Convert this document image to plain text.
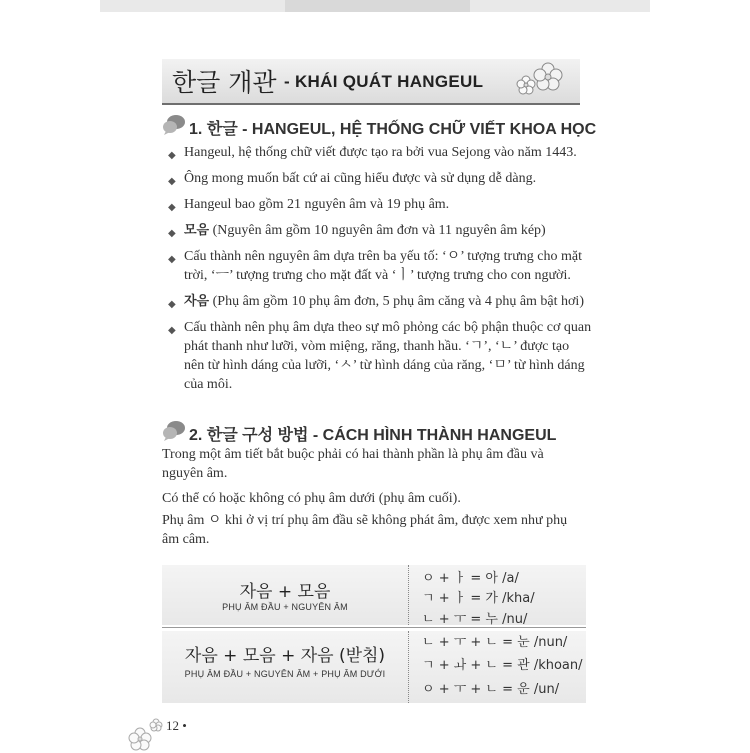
한글 개관 - KHÁI QUÁT HANGEUL
1. 한글 - HANGEUL, HỆ THỐNG CHỮ VIẾT KHOA HỌC
◆ Hangeul, hệ thống chữ viết được tạo ra bởi vua Sejong vào năm 1443.
◆ Ông mong muốn bất cứ ai cũng hiểu được và sử dụng dễ dàng.
◆ Hangeul bao gồm 21 nguyên âm và 19 phụ âm.
◆ 모음 (Nguyên âm gồm 10 nguyên âm đơn và 11 nguyên âm kép)
◆ Cấu thành nên nguyên âm dựa trên ba yếu tố: ‘ㅇ’ tượng trưng cho mặt trời, ‘ㅡ’ tượng trưng cho mặt đất và ‘ㅣ’ tượng trưng cho con người.
◆ 자음 (Phụ âm gồm 10 phụ âm đơn, 5 phụ âm căng và 4 phụ âm bật hơi)
◆ Cấu thành nên phụ âm dựa theo sự mô phỏng các bộ phận thuộc cơ quan phát thanh như lưỡi, vòm miệng, răng, thanh hầu. ‘ㄱ’, ‘ㄴ’ được tạo nên từ hình dáng của lưỡi, ‘ㅅ’ từ hình dáng của răng, ‘ㅁ’ từ hình dáng của môi.
2. 한글 구성 방법 - CÁCH HÌNH THÀNH HANGEUL

Trong một âm tiết bắt buộc phải có hai thành phần là phụ âm đầu và nguyên âm.

Có thể có hoặc không có phụ âm dưới (phụ âm cuối).

Phụ âm ㅇ khi ở vị trí phụ âm đầu sẽ không phát âm, được xem như phụ âm câm.

자음 + 모음
PHỤ ÂM ĐẦU + NGUYÊN ÂM
ㅇ + ㅏ = 아 /a/
ㄱ + ㅏ = 가 /kha/
ㄴ + ㅜ = 누 /nu/
자음 + 모음 + 자음 (받침)
PHỤ ÂM ĐẦU + NGUYÊN ÂM + PHỤ ÂM DƯỚI
ㄴ + ㅜ + ㄴ = 눈 /nun/
ㄱ + ㅘ + ㄴ = 관 /khoan/
ㅇ + ㅜ + ㄴ = 운 /un/
12 •
